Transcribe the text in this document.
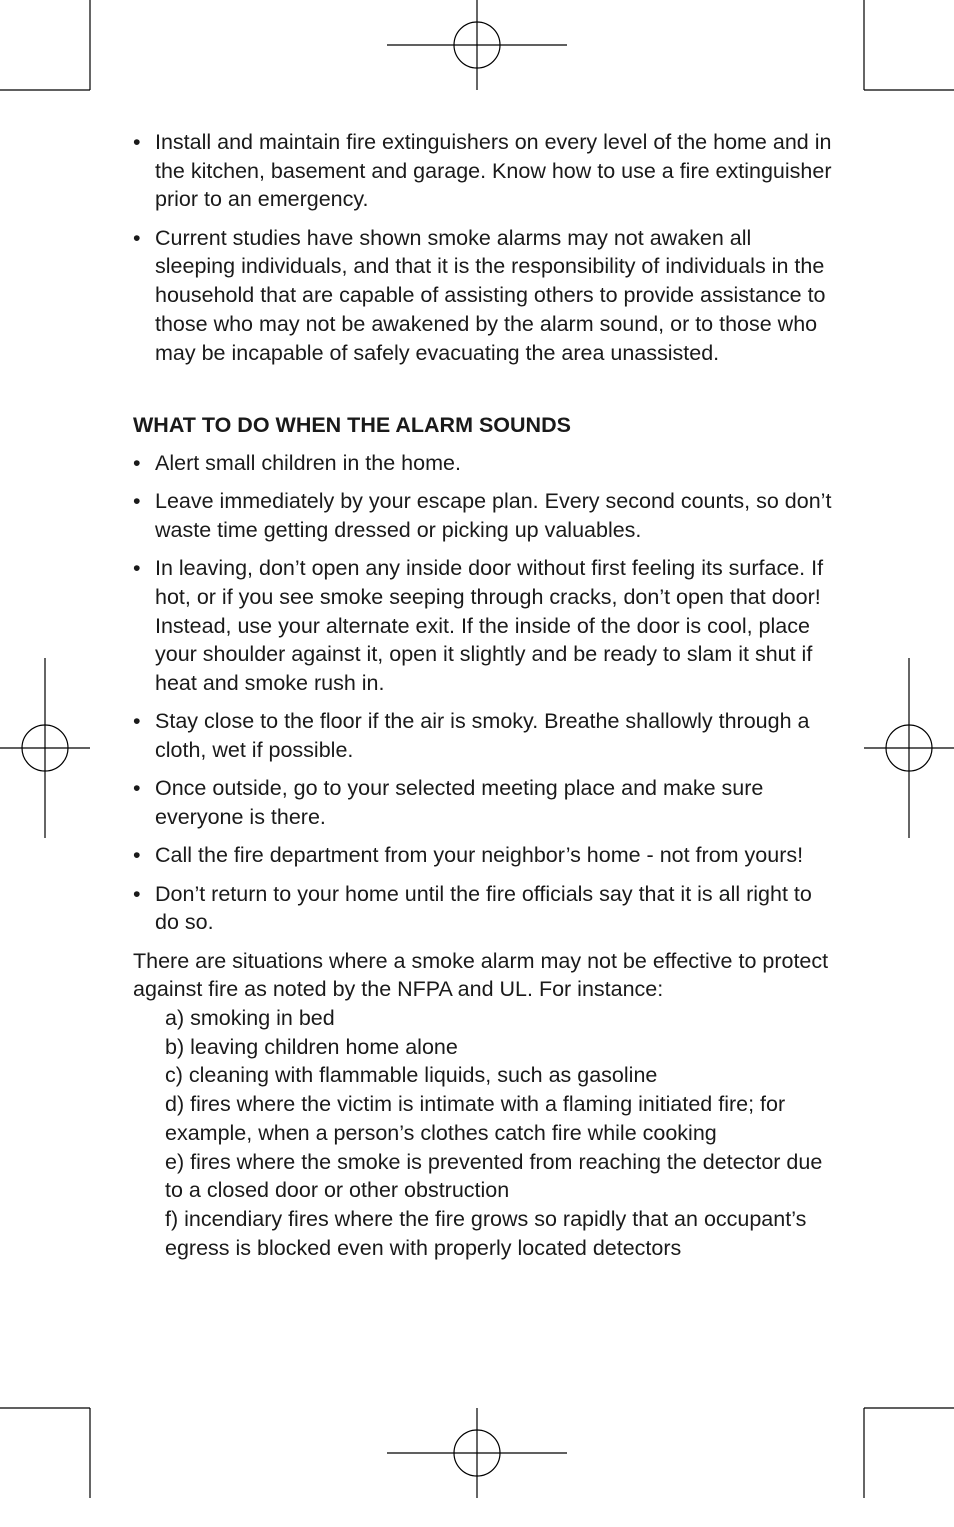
• Install and maintain fire extinguishers on every level of the home and in the kitchen, basement and garage. Know how to use a fire extinguisher prior to an emergency.
• Current studies have shown smoke alarms may not awaken all sleeping individuals, and that it is the responsibility of individuals in the household that are capable of assisting others to provide assistance to those who may not be awakened by the alarm sound, or to those who may be incapable of safely evacuating the area unassisted.
WHAT TO DO WHEN THE ALARM SOUNDS
• Alert small children in the home.
• Leave immediately by your escape plan. Every second counts, so don’t waste time getting dressed or picking up valuables.
• In leaving, don’t open any inside door without first feeling its surface. If hot, or if you see smoke seeping through cracks, don’t open that door! Instead, use your alternate exit. If the inside of the door is cool, place your shoulder against it, open it slightly and be ready to slam it shut if heat and smoke rush in.
• Stay close to the floor if the air is smoky. Breathe shallowly through a cloth, wet if possible.
• Once outside, go to your selected meeting place and make sure everyone is there.
• Call the fire department from your neighbor’s home - not from yours!
• Don’t return to your home until the fire officials say that it is all right to do so.

There are situations where a smoke alarm may not be effective to protect against fire as noted by the NFPA and UL. For instance:

a) smoking in bed
b) leaving children home alone
c) cleaning with flammable liquids, such as gasoline
d) fires where the victim is intimate with a flaming initiated fire; for example, when a person’s clothes catch fire while cooking
e) fires where the smoke is prevented from reaching the detector due to a closed door or other obstruction
f) incendiary fires where the fire grows so rapidly that an occupant’s egress is blocked even with properly located detectors
